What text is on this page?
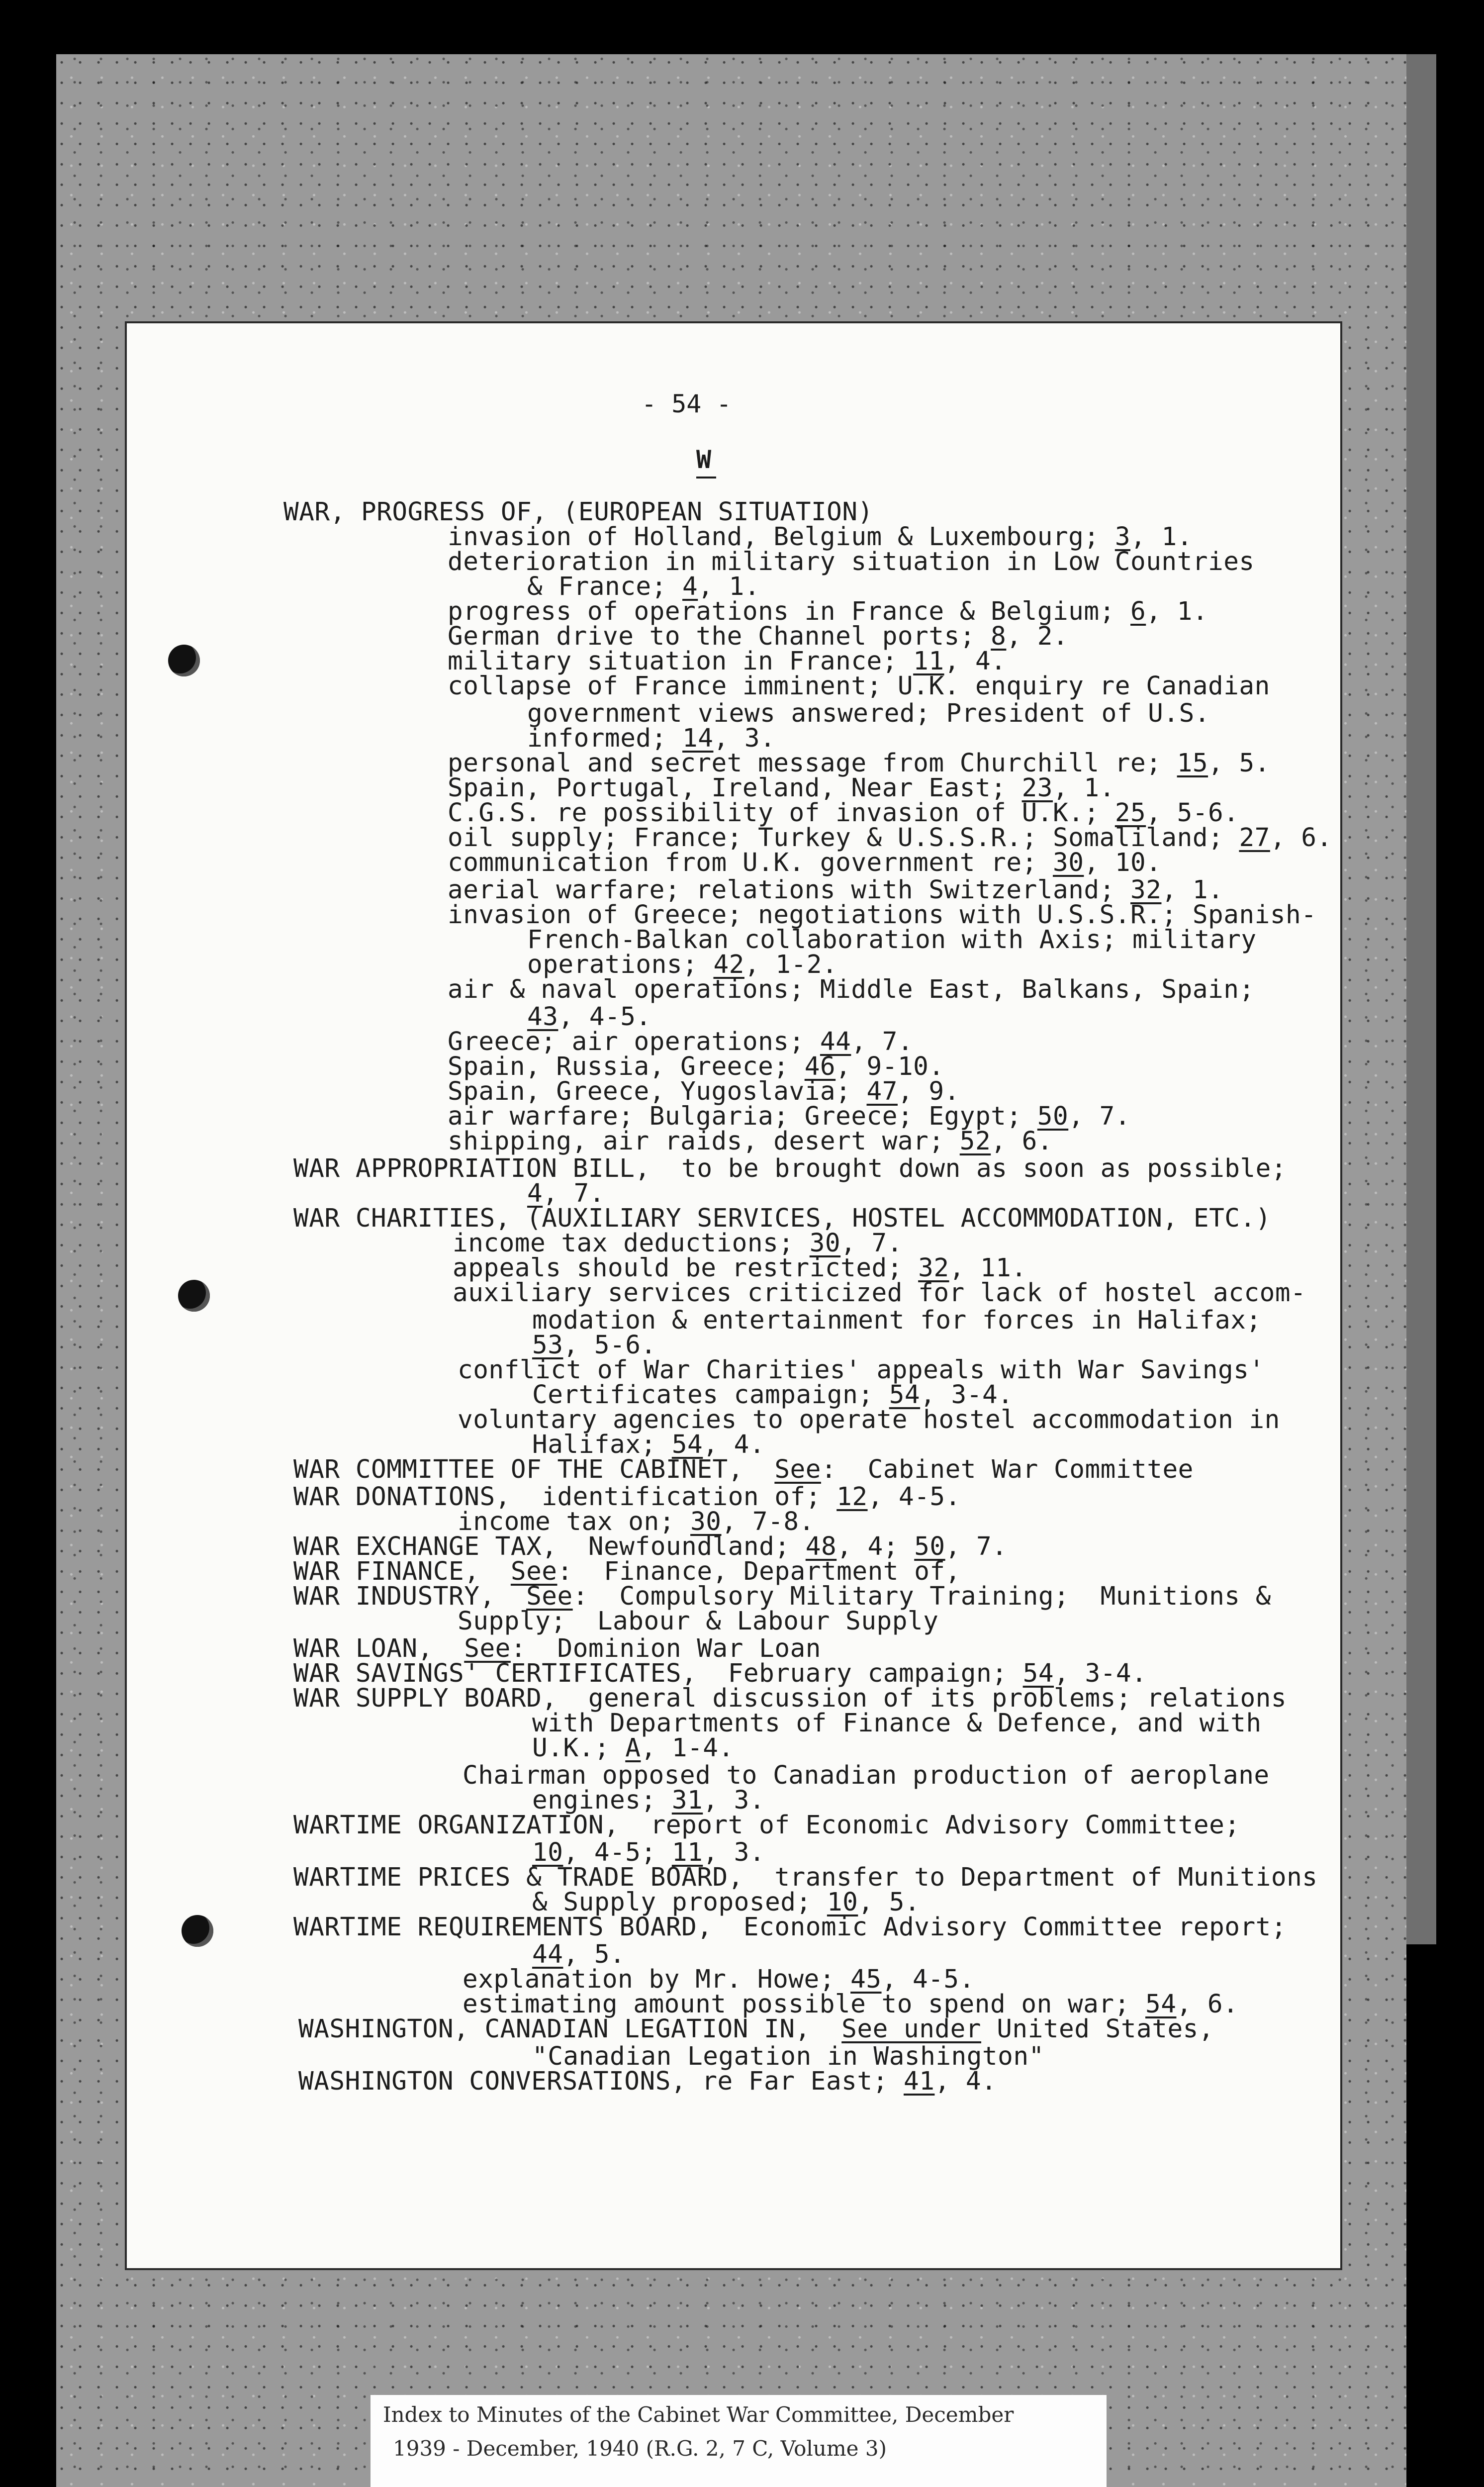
- 54 -
W
WAR, PROGRESS OF, (EUROPEAN SITUATION)
invasion of Holland, Belgium & Luxembourg; 3, 1.
deterioration in military situation in Low Countries
& France; 4, 1.
progress of operations in France & Belgium; 6, 1.
German drive to the Channel ports; 8, 2.
military situation in France; 11, 4.
collapse of France imminent; U.K. enquiry re Canadian
government views answered; President of U.S.
informed; 14, 3.
personal and secret message from Churchill re; 15, 5.
Spain, Portugal, Ireland, Near East; 23, 1.
C.G.S. re possibility of invasion of U.K.; 25, 5-6.
oil supply; France; Turkey & U.S.S.R.; Somaliland; 27, 6.
communication from U.K. government re; 30, 10.
aerial warfare; relations with Switzerland; 32, 1.
invasion of Greece; negotiations with U.S.S.R.; Spanish-
French-Balkan collaboration with Axis; military
operations; 42, 1-2.
air & naval operations; Middle East, Balkans, Spain;
43, 4-5.
Greece; air operations; 44, 7.
Spain, Russia, Greece; 46, 9-10.
Spain, Greece, Yugoslavia; 47, 9.
air warfare; Bulgaria; Greece; Egypt; 50, 7.
shipping, air raids, desert war; 52, 6.
WAR APPROPRIATION BILL,  to be brought down as soon as possible;
4, 7.
WAR CHARITIES, (AUXILIARY SERVICES, HOSTEL ACCOMMODATION, ETC.)
income tax deductions; 30, 7.
appeals should be restricted; 32, 11.
auxiliary services criticized for lack of hostel accom-
modation & entertainment for forces in Halifax;
53, 5-6.
conflict of War Charities' appeals with War Savings'
Certificates campaign; 54, 3-4.
voluntary agencies to operate hostel accommodation in
Halifax; 54, 4.
WAR COMMITTEE OF THE CABINET,  See:  Cabinet War Committee
WAR DONATIONS,  identification of; 12, 4-5.
income tax on; 30, 7-8.
WAR EXCHANGE TAX,  Newfoundland; 48, 4; 50, 7.
WAR FINANCE,  See:  Finance, Department of,
WAR INDUSTRY,  See:  Compulsory Military Training;  Munitions &
Supply;  Labour & Labour Supply
WAR LOAN,  See:  Dominion War Loan
WAR SAVINGS' CERTIFICATES,  February campaign; 54, 3-4.
WAR SUPPLY BOARD,  general discussion of its problems; relations
with Departments of Finance & Defence, and with
U.K.; A, 1-4.
Chairman opposed to Canadian production of aeroplane
engines; 31, 3.
WARTIME ORGANIZATION,  report of Economic Advisory Committee;
10, 4-5; 11, 3.
WARTIME PRICES & TRADE BOARD,  transfer to Department of Munitions
& Supply proposed; 10, 5.
WARTIME REQUIREMENTS BOARD,  Economic Advisory Committee report;
44, 5.
explanation by Mr. Howe; 45, 4-5.
estimating amount possible to spend on war; 54, 6.
WASHINGTON, CANADIAN LEGATION IN,  See under United States,
"Canadian Legation in Washington"
WASHINGTON CONVERSATIONS, re Far East; 41, 4.
Index to Minutes of the Cabinet War Committee, December
1939 - December, 1940 (R.G. 2, 7 C, Volume 3)
